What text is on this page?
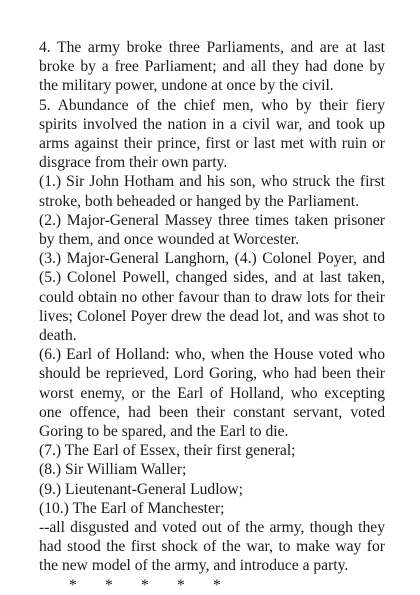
4. The army broke three Parliaments, and are at last broke by a free Parliament; and all they had done by the military power, undone at once by the civil.

5. Abundance of the chief men, who by their fiery spirits involved the nation in a civil war, and took up arms against their prince, first or last met with ruin or disgrace from their own party.

(1.) Sir John Hotham and his son, who struck the first stroke, both beheaded or hanged by the Parliament.

(2.) Major-General Massey three times taken prisoner by them, and once wounded at Worcester.

(3.) Major-General Langhorn, (4.) Colonel Poyer, and (5.) Colonel Powell, changed sides, and at last taken, could obtain no other favour than to draw lots for their lives; Colonel Poyer drew the dead lot, and was shot to death.

(6.) Earl of Holland: who, when the House voted who should be reprieved, Lord Goring, who had been their worst enemy, or the Earl of Holland, who excepting one offence, had been their constant servant, voted Goring to be spared, and the Earl to die.

(7.) The Earl of Essex, their first general;

(8.) Sir William Waller;

(9.) Lieutenant-General Ludlow;

(10.) The Earl of Manchester;

--all disgusted and voted out of the army, though they had stood the first shock of the war, to make way for the new model of the army, and introduce a party.

* * * * *
